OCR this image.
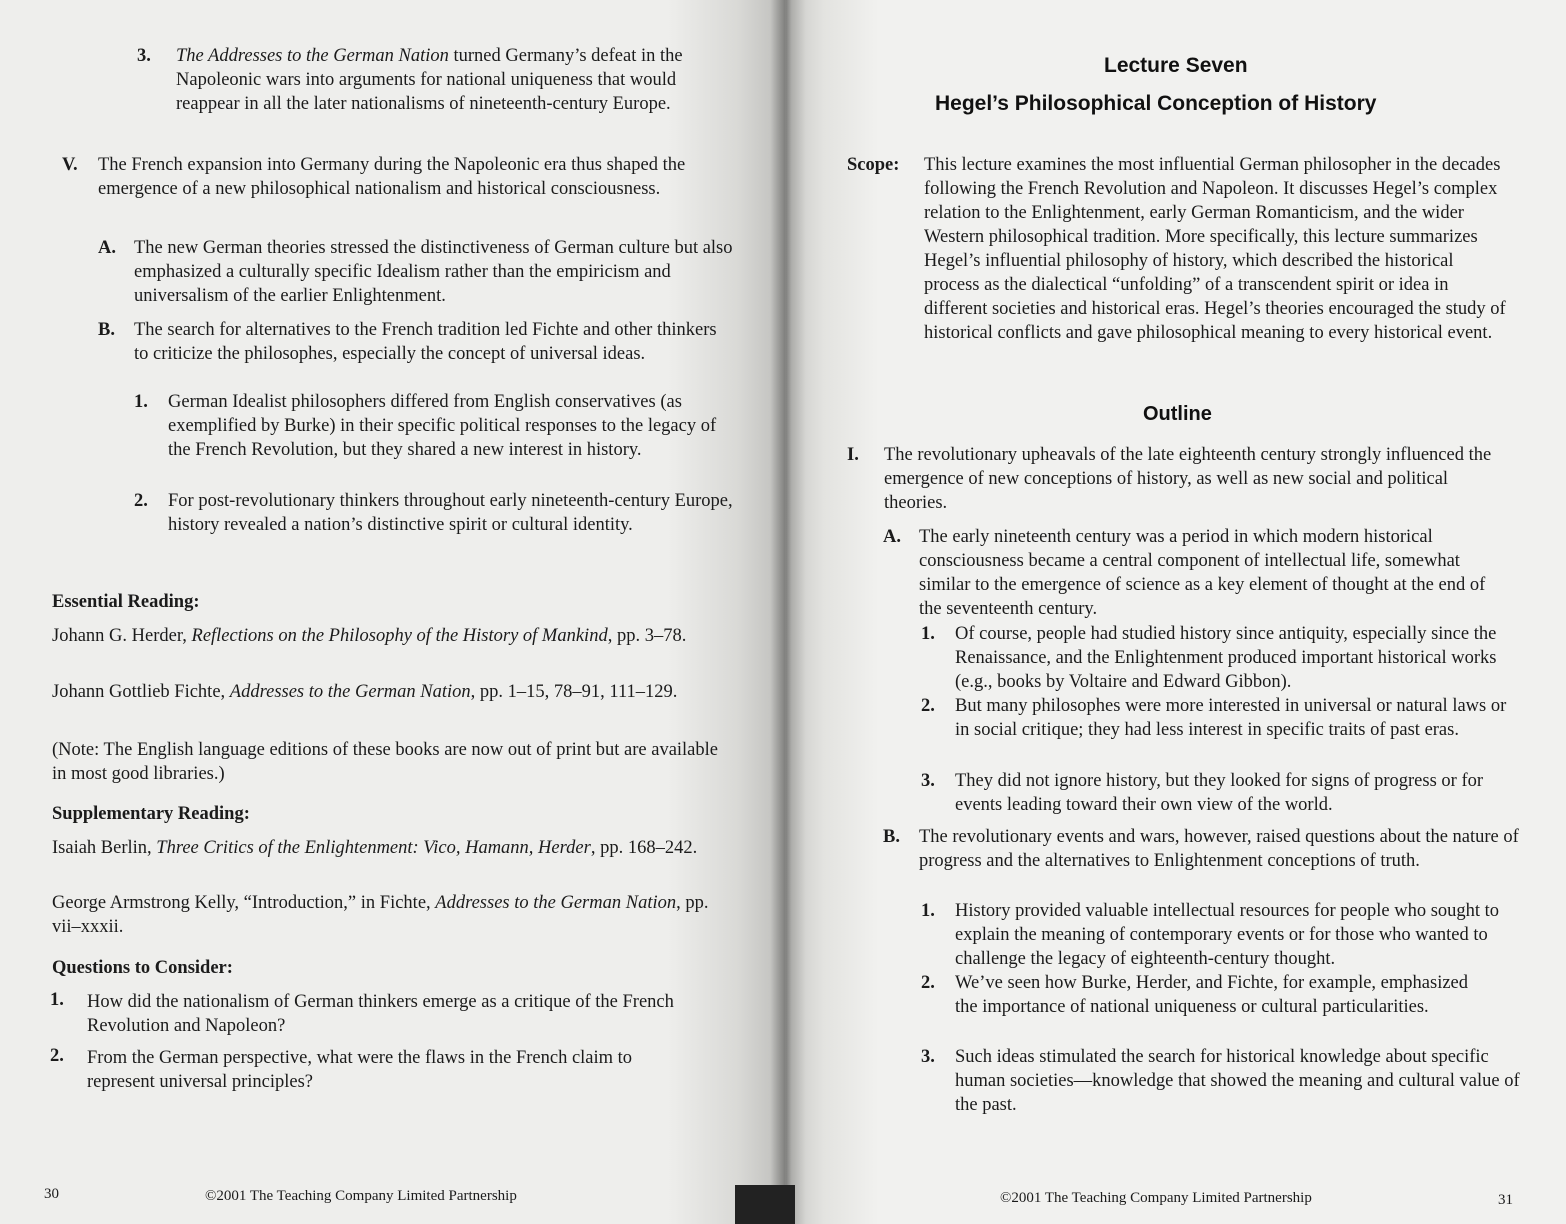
3. The Addresses to the German Nation turned Germany’s defeat in the Napoleonic wars into arguments for national uniqueness that would reappear in all the later nationalisms of nineteenth-century Europe.
V. The French expansion into Germany during the Napoleonic era thus shaped the emergence of a new philosophical nationalism and historical consciousness.
A. The new German theories stressed the distinctiveness of German culture but also emphasized a culturally specific Idealism rather than the empiricism and universalism of the earlier Enlightenment.
B. The search for alternatives to the French tradition led Fichte and other thinkers to criticize the philosophes, especially the concept of universal ideas.
1. German Idealist philosophers differed from English conservatives (as exemplified by Burke) in their specific political responses to the legacy of the French Revolution, but they shared a new interest in history.
2. For post-revolutionary thinkers throughout early nineteenth-century Europe, history revealed a nation’s distinctive spirit or cultural identity.
Essential Reading:
Johann G. Herder, Reflections on the Philosophy of the History of Mankind, pp. 3–78.
Johann Gottlieb Fichte, Addresses to the German Nation, pp. 1–15, 78–91, 111–129.
(Note: The English language editions of these books are now out of print but are available in most good libraries.)
Supplementary Reading:
Isaiah Berlin, Three Critics of the Enlightenment: Vico, Hamann, Herder, pp. 168–242.
George Armstrong Kelly, “Introduction,” in Fichte, Addresses to the German Nation, pp. vii–xxxii.
Questions to Consider:
1. How did the nationalism of German thinkers emerge as a critique of the French Revolution and Napoleon?
2. From the German perspective, what were the flaws in the French claim to represent universal principles?
30	©2001 The Teaching Company Limited Partnership
Lecture Seven
Hegel’s Philosophical Conception of History
Scope: This lecture examines the most influential German philosopher in the decades following the French Revolution and Napoleon. It discusses Hegel’s complex relation to the Enlightenment, early German Romanticism, and the wider Western philosophical tradition. More specifically, this lecture summarizes Hegel’s influential philosophy of history, which described the historical process as the dialectical “unfolding” of a transcendent spirit or idea in different societies and historical eras. Hegel’s theories encouraged the study of historical conflicts and gave philosophical meaning to every historical event.
Outline
I. The revolutionary upheavals of the late eighteenth century strongly influenced the emergence of new conceptions of history, as well as new social and political theories.
A. The early nineteenth century was a period in which modern historical consciousness became a central component of intellectual life, somewhat similar to the emergence of science as a key element of thought at the end of the seventeenth century.
1. Of course, people had studied history since antiquity, especially since the Renaissance, and the Enlightenment produced important historical works (e.g., books by Voltaire and Edward Gibbon).
2. But many philosophes were more interested in universal or natural laws or in social critique; they had less interest in specific traits of past eras.
3. They did not ignore history, but they looked for signs of progress or for events leading toward their own view of the world.
B. The revolutionary events and wars, however, raised questions about the nature of progress and the alternatives to Enlightenment conceptions of truth.
1. History provided valuable intellectual resources for people who sought to explain the meaning of contemporary events or for those who wanted to challenge the legacy of eighteenth-century thought.
2. We’ve seen how Burke, Herder, and Fichte, for example, emphasized the importance of national uniqueness or cultural particularities.
3. Such ideas stimulated the search for historical knowledge about specific human societies—knowledge that showed the meaning and cultural value of the past.
©2001 The Teaching Company Limited Partnership	31
